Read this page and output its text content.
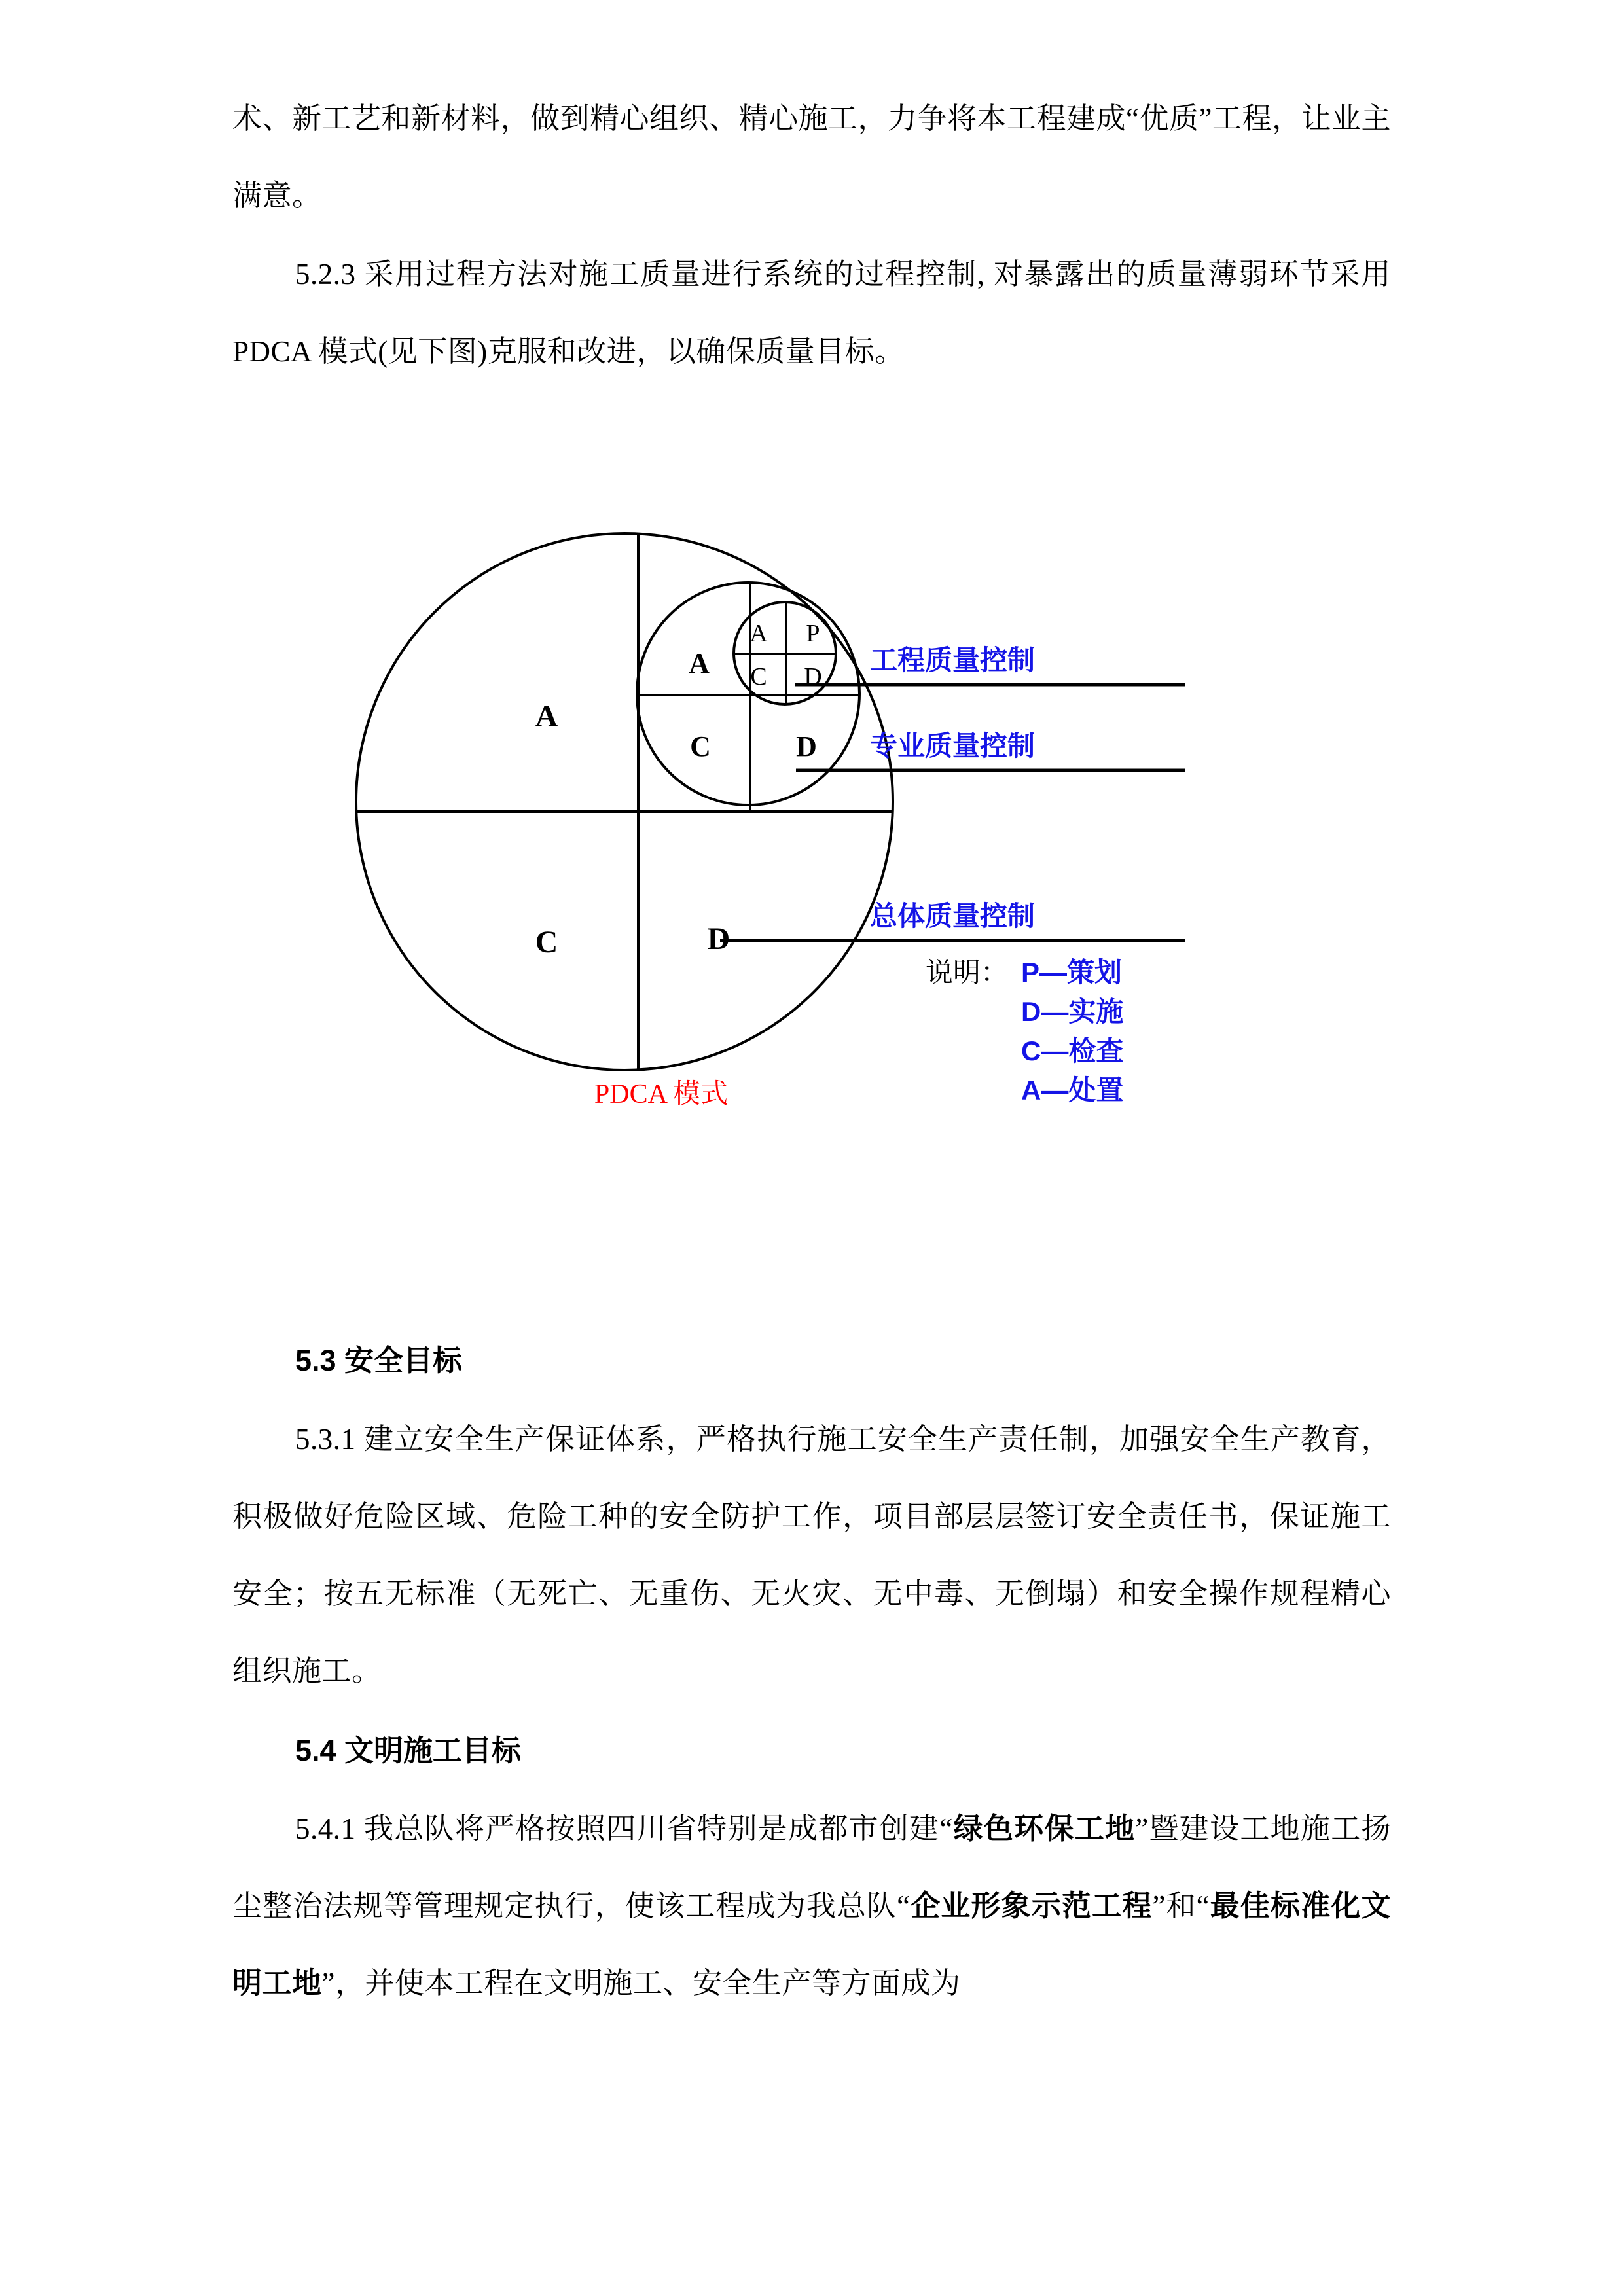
术、新工艺和新材料，做到精心组织、精心施工，力争将本工程建成“优质”工程，让业主满意。

5.2.3 采用过程方法对施工质量进行系统的过程控制, 对暴露出的质量薄弱环节采用 PDCA 模式(见下图)克服和改进，以确保质量目标。

A
C	D
A
C	D
A P
C D
工程质量控制
专业质量控制
总体质量控制
说明： P—策划
D—实施
C—检查
A—处置
PDCA 模式
5.3 安全目标

5.3.1 建立安全生产保证体系，严格执行施工安全生产责任制，加强安全生产教育，积极做好危险区域、危险工种的安全防护工作，项目部层层签订安全责任书，保证施工安全；按五无标准（无死亡、无重伤、无火灾、无中毒、无倒塌）和安全操作规程精心组织施工。

5.4 文明施工目标

5.4.1 我总队将严格按照四川省特别是成都市创建“绿色环保工地”暨建设工地施工扬尘整治法规等管理规定执行，使该工程成为我总队“企业形象示范工程”和“最佳标准化文明工地”，并使本工程在文明施工、安全生产等方面成为
